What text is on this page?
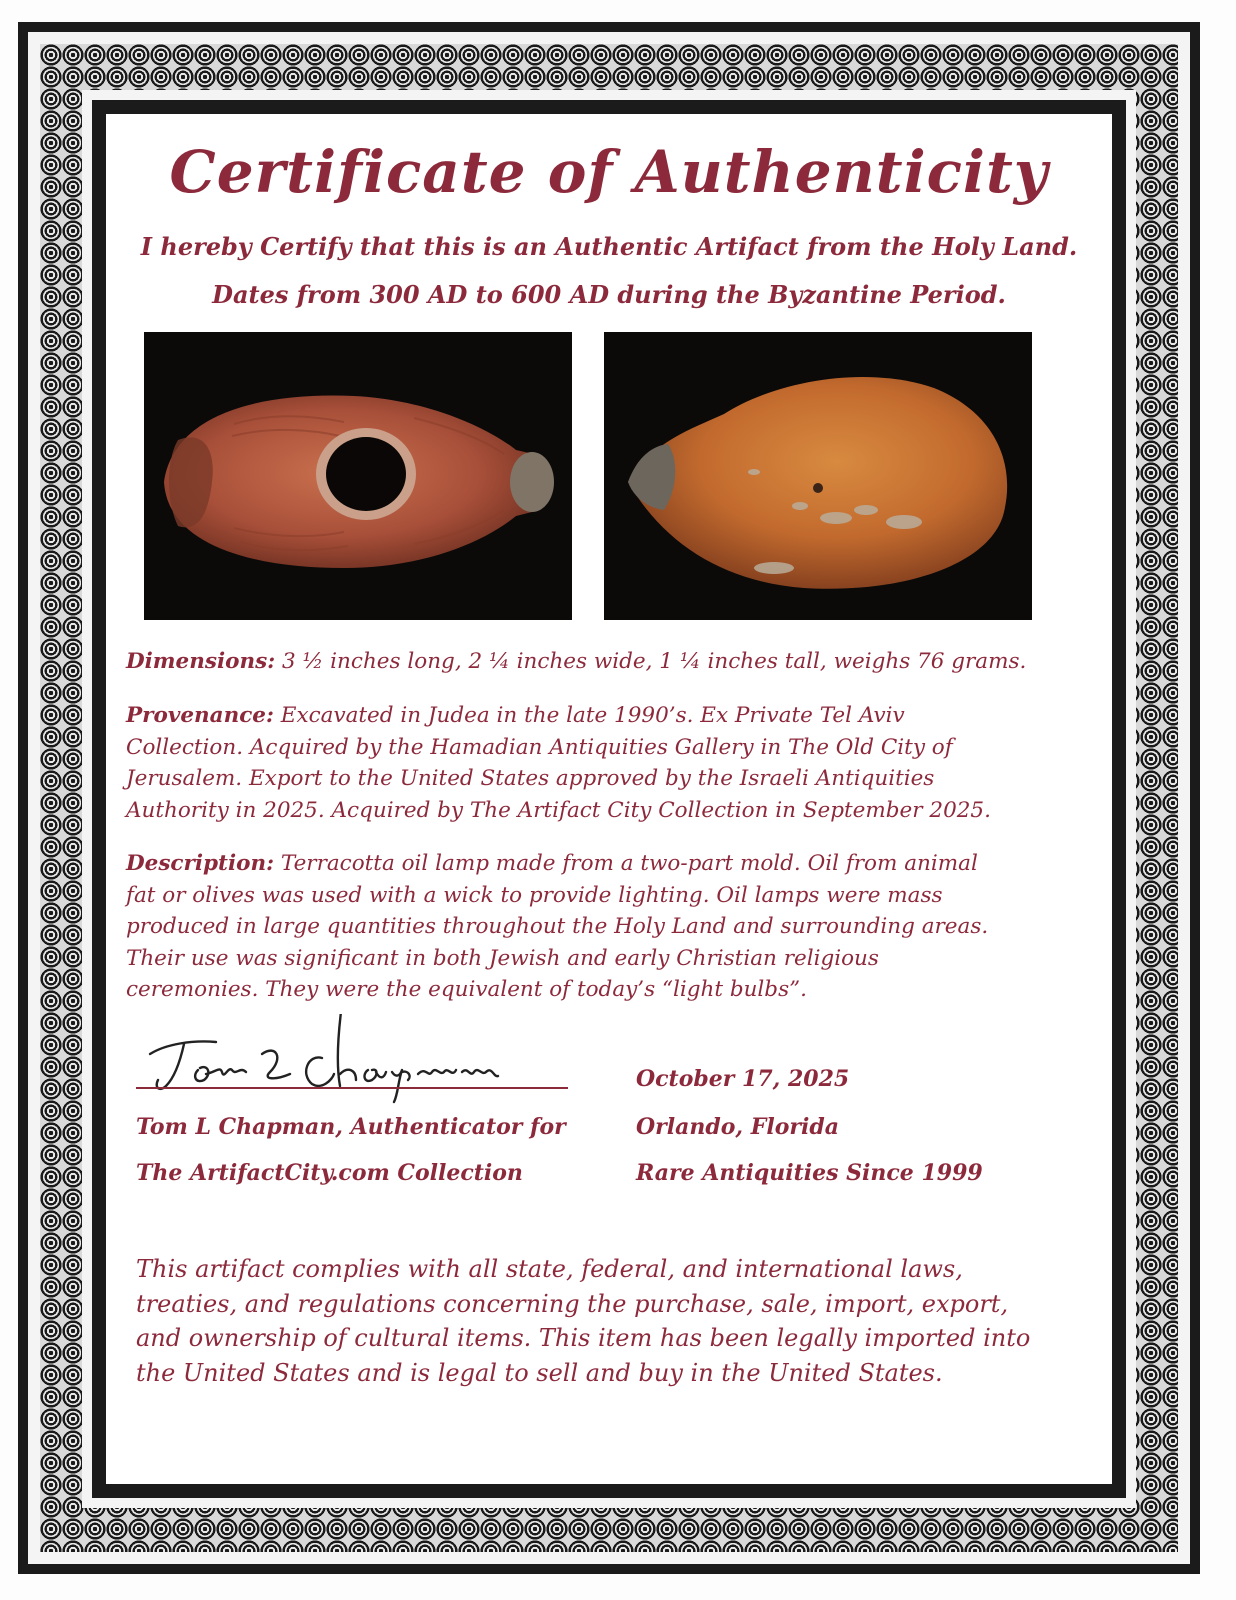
Certificate of Authenticity
I hereby Certify that this is an Authentic Artifact from the Holy Land.
Dates from 300 AD to 600 AD during the Byzantine Period.
Dimensions: 3 ½ inches long, 2 ¼ inches wide, 1 ¼ inches tall, weighs 76 grams.
Provenance: Excavated in Judea in the late 1990’s. Ex Private Tel Aviv
Collection. Acquired by the Hamadian Antiquities Gallery in The Old City of
Jerusalem. Export to the United States approved by the Israeli Antiquities
Authority in 2025. Acquired by The Artifact City Collection in September 2025.
Description: Terracotta oil lamp made from a two-part mold. Oil from animal
fat or olives was used with a wick to provide lighting. Oil lamps were mass
produced in large quantities throughout the Holy Land and surrounding areas.
Their use was significant in both Jewish and early Christian religious
ceremonies. They were the equivalent of today’s “light bulbs”.
Tom L Chapman, Authenticator for
The ArtifactCity.com Collection
October 17, 2025
Orlando, Florida
Rare Antiquities Since 1999
This artifact complies with all state, federal, and international laws,
treaties, and regulations concerning the purchase, sale, import, export,
and ownership of cultural items. This item has been legally imported into
the United States and is legal to sell and buy in the United States.
